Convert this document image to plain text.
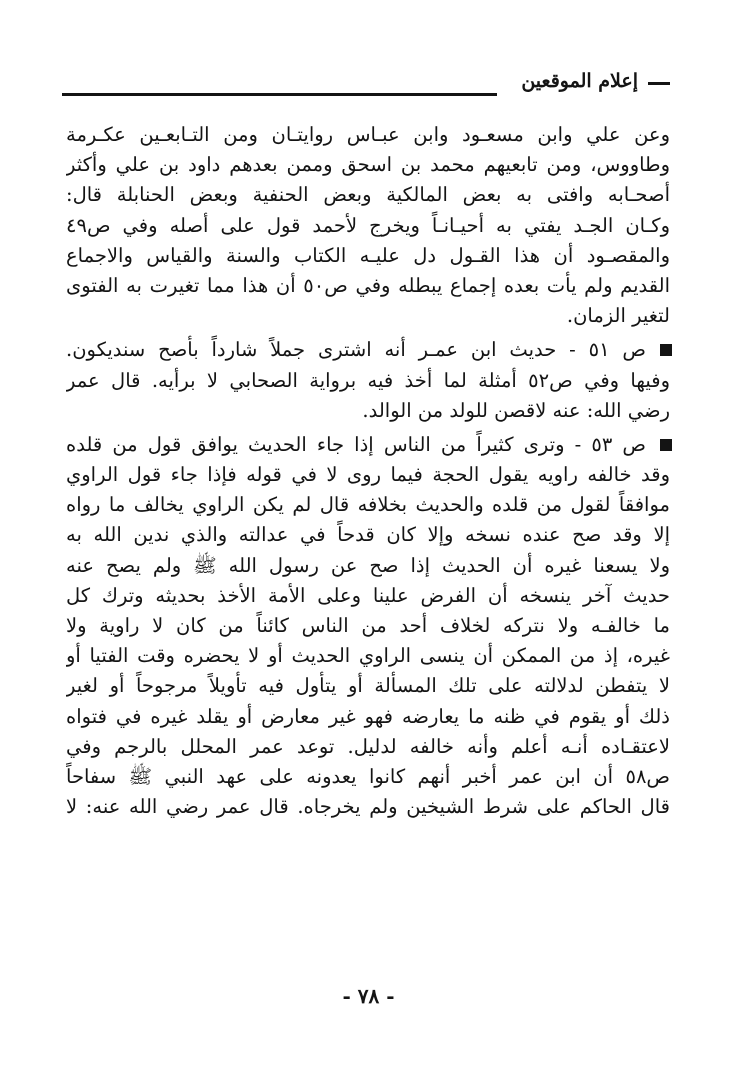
إعلام الموقعين
وعن علي وابن مسعـود وابن عبـاس روايتـان ومن التـابعـين عكـرمة
وطاووس، ومن تابعيهم محمد بن اسحق وممن بعدهم داود بن علي وأكثر
أصحـابه وافتى به بعض المالكية وبعض الحنفية وبعض الحنابلة قال:
وكـان الجـد يفتي به أحيـانـاً ويخرج لأحمد قول على أصله وفي ص٤٩
والمقصـود أن هذا القـول دل عليـه الكتاب والسنة والقياس والاجماع
القديم ولم يأت بعده إجماع يبطله وفي ص٥٠ أن هذا مما تغيرت به الفتوى
لتغير الزمان.
ص ٥١ - حديث ابن عمـر أنه اشترى جملاً شارداً بأصح سنديكون.
وفيها وفي ص٥٢ أمثلة لما أخذ فيه برواية الصحابي لا برأيه. قال عمر
رضي الله: عنه لاقصن للولد من الوالد.
ص ٥٣ - وترى كثيراً من الناس إذا جاء الحديث يوافق قول من قلده
وقد خالفه راويه يقول الحجة فيما روى لا في قوله فإذا جاء قول الراوي
موافقاً لقول من قلده والحديث بخلافه قال لم يكن الراوي يخالف ما رواه
إلا وقد صح عنده نسخه وإلا كان قدحاً في عدالته والذي ندين الله به
ولا يسعنا غيره أن الحديث إذا صح عن رسول الله ﷺ ولم يصح عنه
حديث آخر ينسخه أن الفرض علينا وعلى الأمة الأخذ بحديثه وترك كل
ما خالفـه ولا نتركه لخلاف أحد من الناس كائناً من كان لا راوية ولا
غيره، إذ من الممكن أن ينسى الراوي الحديث أو لا يحضره وقت الفتيا أو
لا يتفطن لدلالته على تلك المسألة أو يتأول فيه تأويلاً مرجوحاً أو لغير
ذلك أو يقوم في ظنه ما يعارضه فهو غير معارض أو يقلد غيره في فتواه
لاعتقـاده أنـه أعلم وأنه خالفه لدليل. توعد عمر المحلل بالرجم وفي
ص٥٨ أن ابن عمر أخبر أنهم كانوا يعدونه على عهد النبي ﷺ سفاحاً
قال الحاكم على شرط الشيخين ولم يخرجاه. قال عمر رضي الله عنه: لا
- ٧٨ -
